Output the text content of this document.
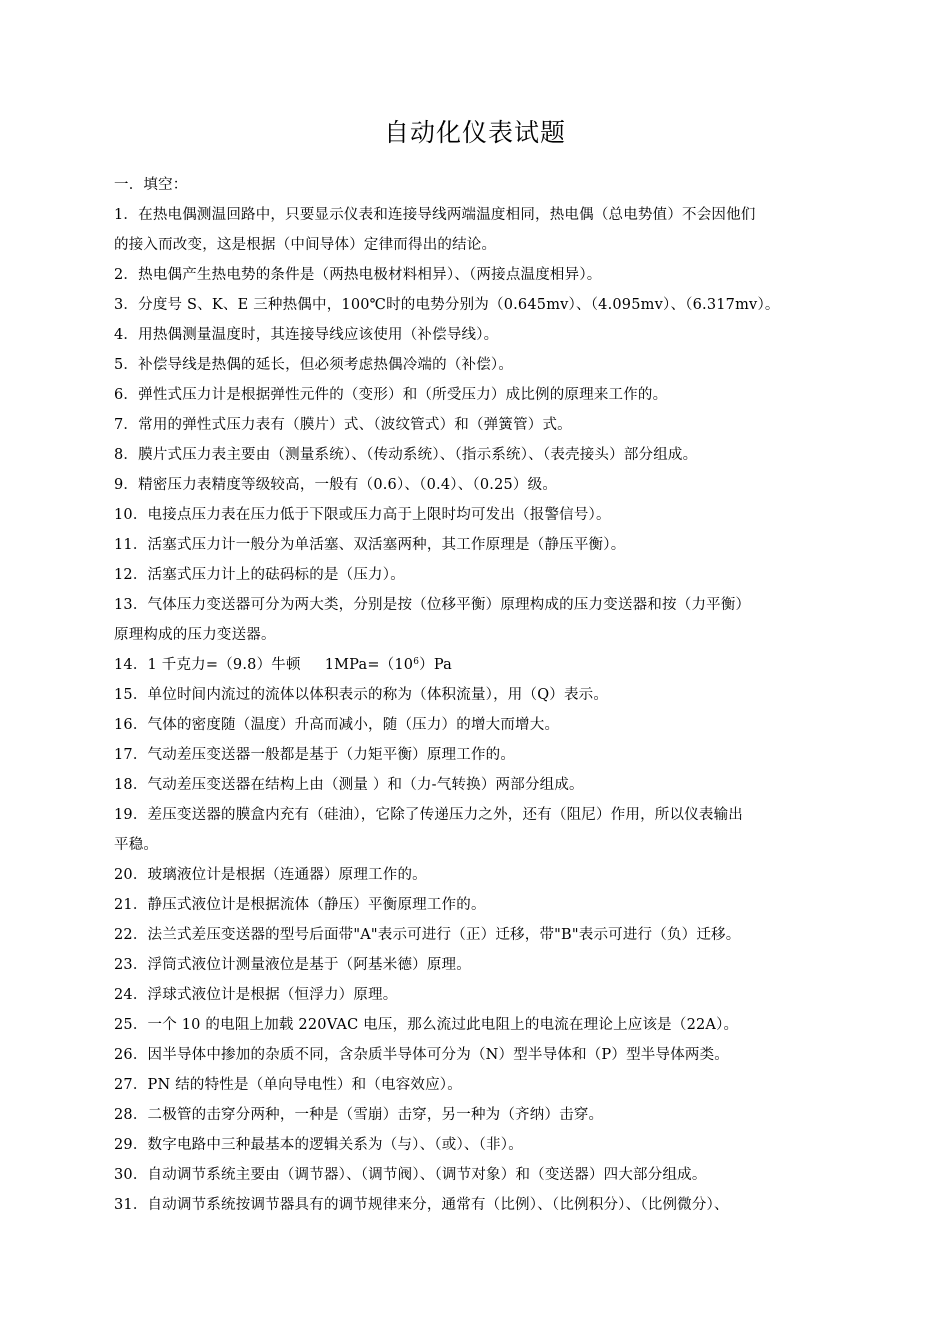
自动化仪表试题
一．填空：
1．在热电偶测温回路中，只要显示仪表和连接导线两端温度相同，热电偶（总电势值）不会因他们
的接入而改变，这是根据（中间导体）定律而得出的结论。
2．热电偶产生热电势的条件是（两热电极材料相异）、（两接点温度相异）。
3．分度号 S、K、E 三种热偶中，100℃时的电势分别为（0.645mv）、（4.095mv）、（6.317mv）。
4．用热偶测量温度时，其连接导线应该使用（补偿导线）。
5．补偿导线是热偶的延长，但必须考虑热偶冷端的（补偿）。
6．弹性式压力计是根据弹性元件的（变形）和（所受压力）成比例的原理来工作的。
7．常用的弹性式压力表有（膜片）式、（波纹管式）和（弹簧管）式。
8．膜片式压力表主要由（测量系统）、（传动系统）、（指示系统）、（表壳接头）部分组成。
9．精密压力表精度等级较高，一般有（0.6）、（0.4）、（0.25）级。
10．电接点压力表在压力低于下限或压力高于上限时均可发出（报警信号）。
11．活塞式压力计一般分为单活塞、双活塞两种，其工作原理是（静压平衡）。
12．活塞式压力计上的砝码标的是（压力）。
13．气体压力变送器可分为两大类，分别是按（位移平衡）原理构成的压力变送器和按（力平衡）
原理构成的压力变送器。
14．1 千克力=（9.8）牛顿 $1MPa=(10^6)Pa$
15．单位时间内流过的流体以体积表示的称为（体积流量），用（Q）表示。
16．气体的密度随（温度）升高而减小，随（压力）的增大而增大。
17．气动差压变送器一般都是基于（力矩平衡）原理工作的。
18．气动差压变送器在结构上由（测量 ）和（力-气转换）两部分组成。
19．差压变送器的膜盒内充有（硅油），它除了传递压力之外，还有（阻尼）作用，所以仪表输出
平稳。
20．玻璃液位计是根据（连通器）原理工作的。
21．静压式液位计是根据流体（静压）平衡原理工作的。
22．法兰式差压变送器的型号后面带"A"表示可进行（正）迁移，带"B"表示可进行（负）迁移。
23．浮筒式液位计测量液位是基于（阿基米德）原理。
24．浮球式液位计是根据（恒浮力）原理。
25．一个 10 的电阻上加载 220VAC 电压，那么流过此电阻上的电流在理论上应该是（22A）。
26．因半导体中掺加的杂质不同，含杂质半导体可分为（N）型半导体和（P）型半导体两类。
27．PN 结的特性是（单向导电性）和（电容效应）。
28．二极管的击穿分两种，一种是（雪崩）击穿，另一种为（齐纳）击穿。
29．数字电路中三种最基本的逻辑关系为（与）、（或）、（非）。
30．自动调节系统主要由（调节器）、（调节阀）、（调节对象）和（变送器）四大部分组成。
31．自动调节系统按调节器具有的调节规律来分，通常有（比例）、（比例积分）、（比例微分）、
